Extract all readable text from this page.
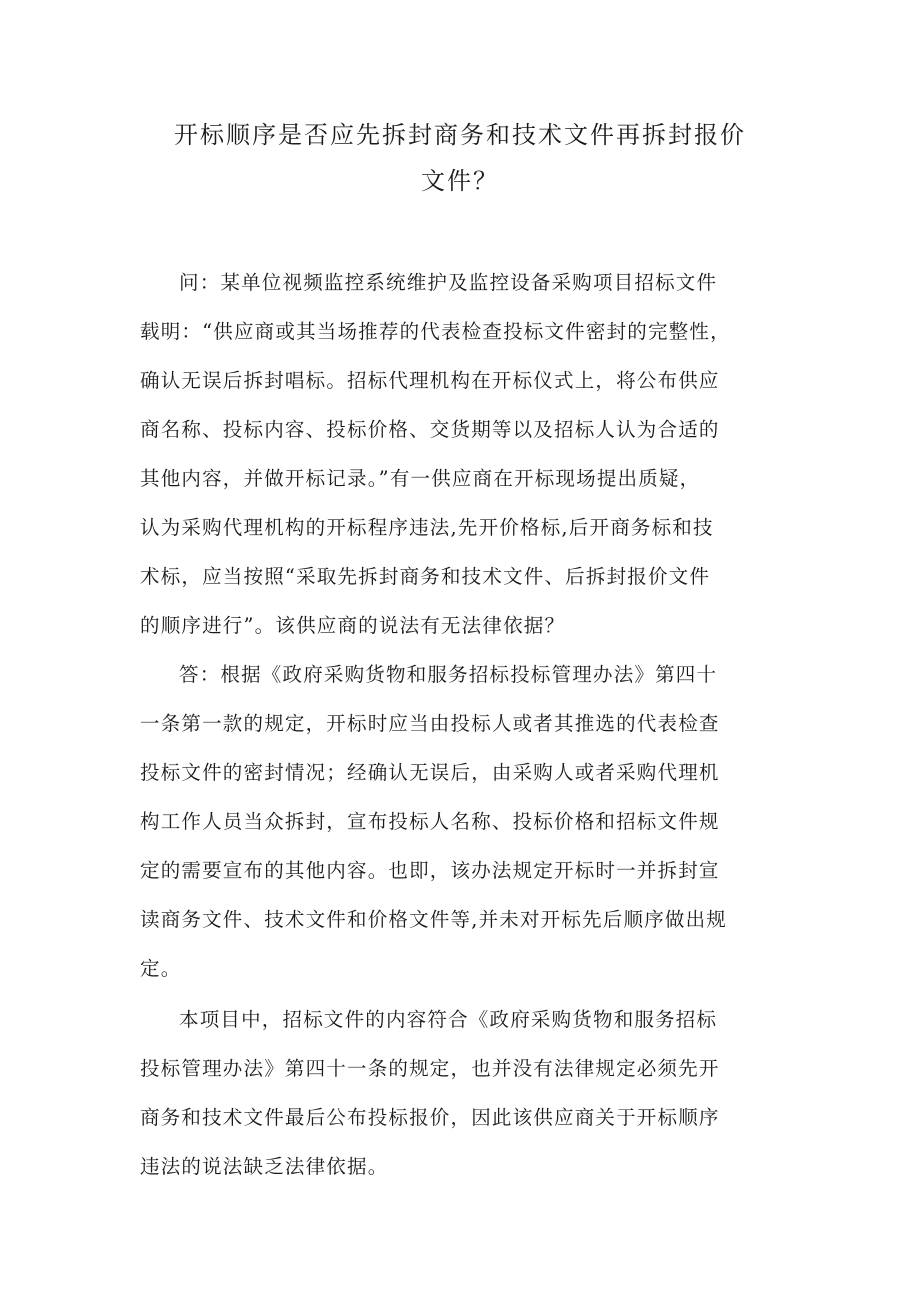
开标顺序是否应先拆封商务和技术文件再拆封报价
文件？

问：某单位视频监控系统维护及监控设备采购项目招标文件
载明：“供应商或其当场推荐的代表检查投标文件密封的完整性，
确认无误后拆封唱标。招标代理机构在开标仪式上，将公布供应
商名称、投标内容、投标价格、交货期等以及招标人认为合适的
其他内容，并做开标记录。”有一供应商在开标现场提出质疑，
认为采购代理机构的开标程序违法,先开价格标,后开商务标和技
术标，应当按照“采取先拆封商务和技术文件、后拆封报价文件
的顺序进行”。该供应商的说法有无法律依据？

答：根据《政府采购货物和服务招标投标管理办法》第四十
一条第一款的规定，开标时应当由投标人或者其推选的代表检查
投标文件的密封情况；经确认无误后，由采购人或者采购代理机
构工作人员当众拆封，宣布投标人名称、投标价格和招标文件规
定的需要宣布的其他内容。也即，该办法规定开标时一并拆封宣
读商务文件、技术文件和价格文件等,并未对开标先后顺序做出规
定。

本项目中，招标文件的内容符合《政府采购货物和服务招标
投标管理办法》第四十一条的规定，也并没有法律规定必须先开
商务和技术文件最后公布投标报价，因此该供应商关于开标顺序
违法的说法缺乏法律依据。
